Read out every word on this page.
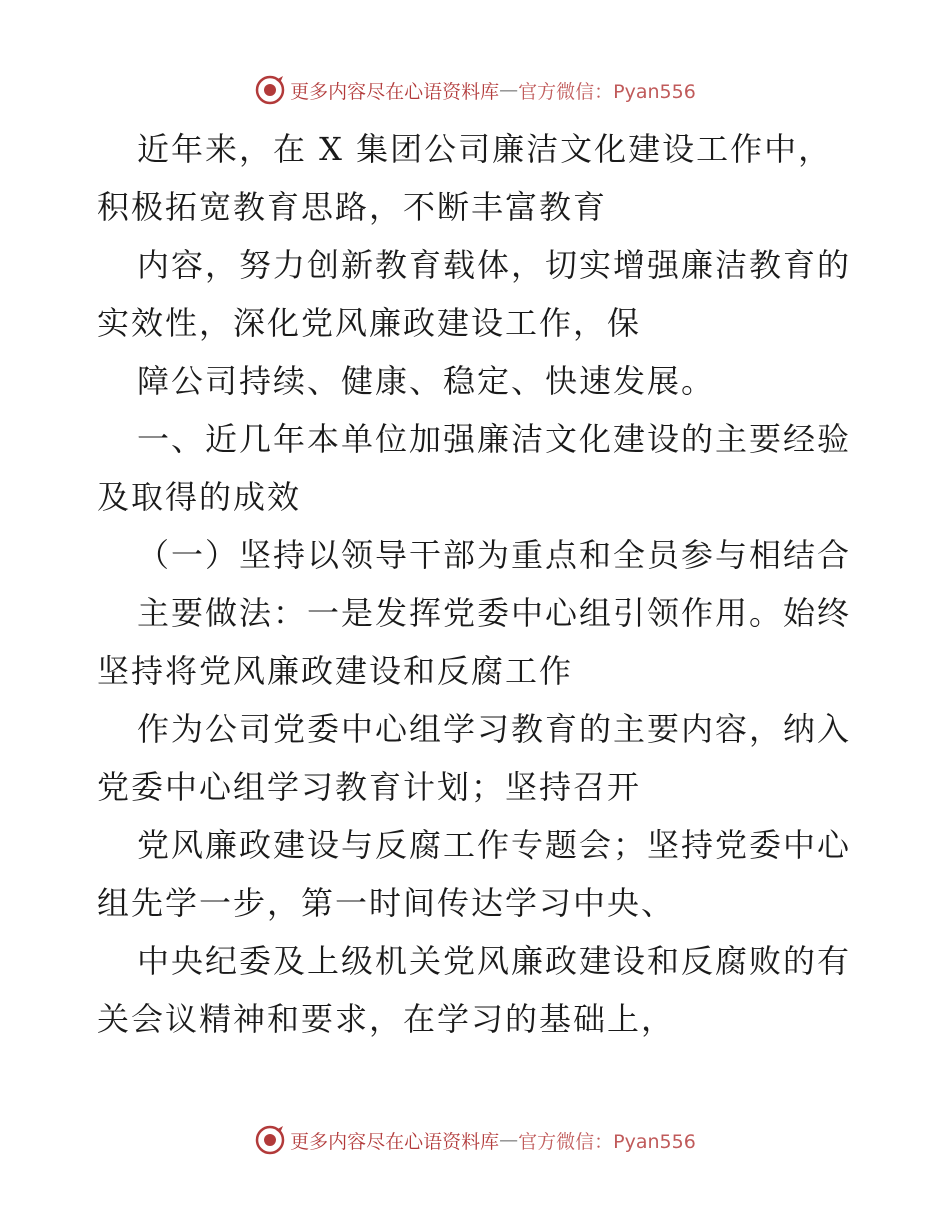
更多内容尽在心语资料库 — 官方微信：Pyan556

近年来，在 X 集团公司廉洁文化建设工作中，积极拓宽教育思路，不断丰富教育

内容，努力创新教育载体，切实增强廉洁教育的实效性，深化党风廉政建设工作，保

障公司持续、健康、稳定、快速发展。

一、近几年本单位加强廉洁文化建设的主要经验及取得的成效

（一）坚持以领导干部为重点和全员参与相结合

主要做法：一是发挥党委中心组引领作用。始终坚持将党风廉政建设和反腐工作

作为公司党委中心组学习教育的主要内容，纳入党委中心组学习教育计划；坚持召开

党风廉政建设与反腐工作专题会；坚持党委中心组先学一步，第一时间传达学习中央、

中央纪委及上级机关党风廉政建设和反腐败的有关会议精神和要求，在学习的基础上，

更多内容尽在心语资料库 — 官方微信：Pyan556
